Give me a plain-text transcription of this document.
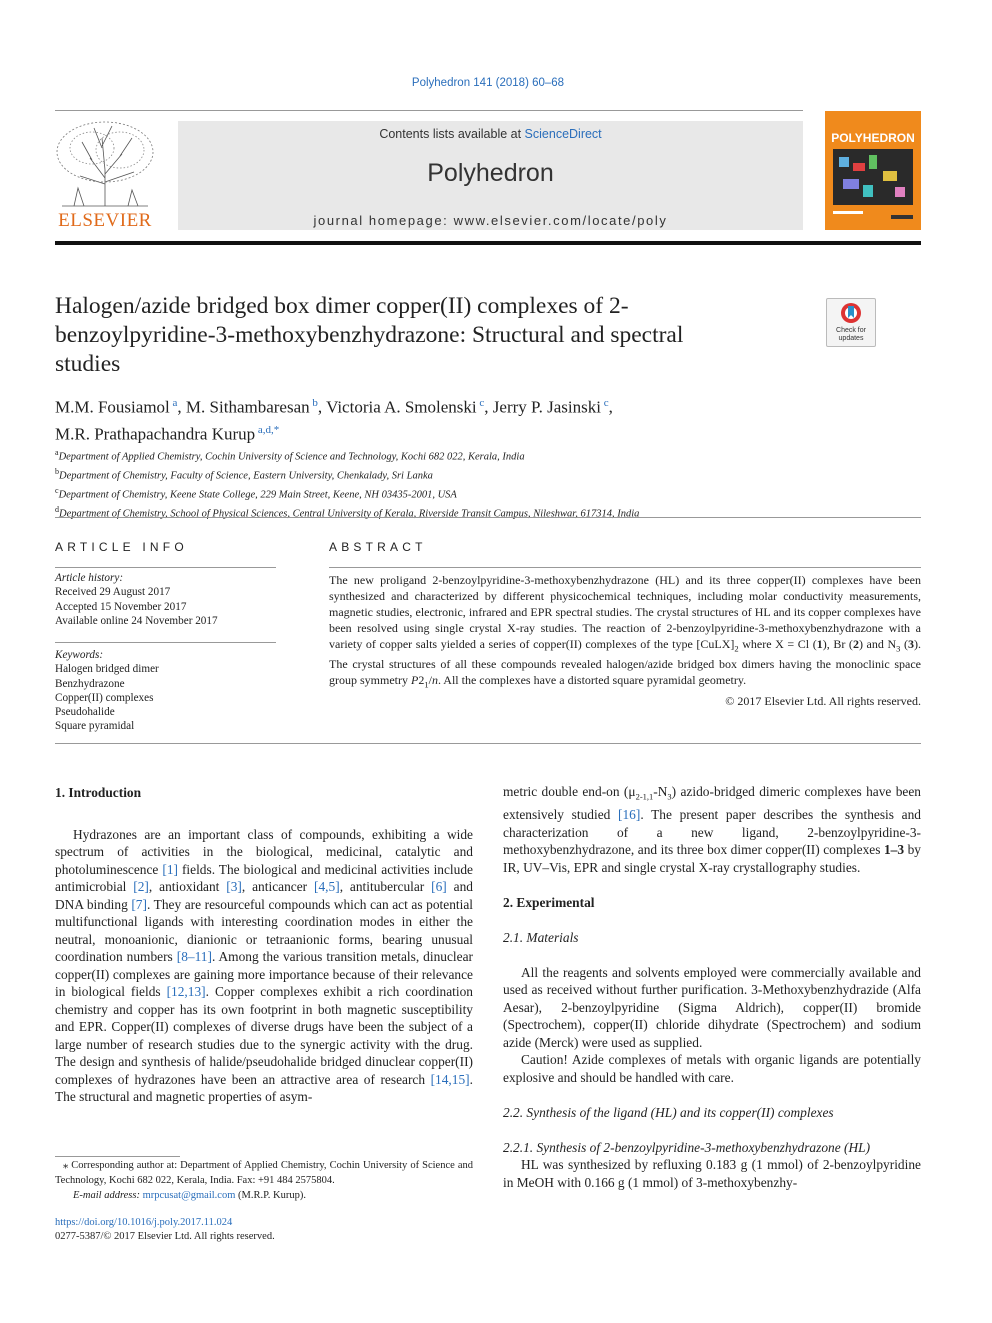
Polyhedron 141 (2018) 60–68
ELSEVIER
Contents lists available at ScienceDirect
Polyhedron
journal homepage: www.elsevier.com/locate/poly
POLYHEDRON
Halogen/azide bridged box dimer copper(II) complexes of 2-benzoylpyridine-3-methoxybenzhydrazone: Structural and spectral studies
Check for updates
M.M. Fousiamol $^a$, M. Sithambaresan $^b$, Victoria A. Smolenski $^c$, Jerry P. Jasinski $^c$,
M.R. Prathapachandra Kurup $^{a,d,*}$
$^a$Department of Applied Chemistry, Cochin University of Science and Technology, Kochi 682 022, Kerala, India
$^b$Department of Chemistry, Faculty of Science, Eastern University, Chenkalady, Sri Lanka
$^c$Department of Chemistry, Keene State College, 229 Main Street, Keene, NH 03435-2001, USA
$^d$Department of Chemistry, School of Physical Sciences, Central University of Kerala, Riverside Transit Campus, Nileshwar, 617314, India
ARTICLE INFO	ABSTRACT
Article history:
Received 29 August 2017
Accepted 15 November 2017
Available online 24 November 2017
Keywords:
Halogen bridged dimer
Benzhydrazone
Copper(II) complexes
Pseudohalide
Square pyramidal
The new proligand 2-benzoylpyridine-3-methoxybenzhydrazone (HL) and its three copper(II) complexes have been synthesized and characterized by different physicochemical techniques, including molar conductivity measurements, magnetic studies, electronic, infrared and EPR spectral studies. The crystal structures of HL and its copper complexes have been resolved using single crystal X-ray studies. The reaction of 2-benzoylpyridine-3-methoxybenzhydrazone with a variety of copper salts yielded a series of copper(II) complexes of the type $[CuLX]_2$ where X = Cl (1), Br (2) and $N_3$ (3). The crystal structures of all these compounds revealed halogen/azide bridged box dimers having the monoclinic space group symmetry $P2_1/n$. All the complexes have a distorted square pyramidal geometry.
© 2017 Elsevier Ltd. All rights reserved.
1. Introduction

Hydrazones are an important class of compounds, exhibiting a wide spectrum of activities in the biological, medicinal, catalytic and photoluminescence [1] fields. The biological and medicinal activities include antimicrobial [2], antioxidant [3], anticancer [4,5], antitubercular [6] and DNA binding [7]. They are resourceful compounds which can act as potential multifunctional ligands with interesting coordination modes in either the neutral, monoanionic, dianionic or tetraanionic forms, bearing unusual coordination numbers [8–11]. Among the various transition metals, dinuclear copper(II) complexes are gaining more importance because of their relevance in biological fields [12,13]. Copper complexes exhibit a rich coordination chemistry and copper has its own footprint in both magnetic susceptibility and EPR. Copper(II) complexes of diverse drugs have been the subject of a large number of research studies due to the synergic activity with the drug. The design and synthesis of halide/pseudohalide bridged dinuclear copper(II) complexes of hydrazones have been an attractive area of research [14,15]. The structural and magnetic properties of asym-

metric double end-on $(\mu_{2-1,1}-N_3)$ azido-bridged dimeric complexes have been extensively studied [16]. The present paper describes the synthesis and characterization of a new ligand, 2-benzoylpyridine-3-methoxybenzhydrazone, and its three box dimer copper(II) complexes 1–3 by IR, UV–Vis, EPR and single crystal X-ray crystallography studies.

2. Experimental
2.1. Materials

All the reagents and solvents employed were commercially available and used as received without further purification. 3-Methoxybenzhydrazide (Alfa Aesar), 2-benzoylpyridine (Sigma Aldrich), copper(II) bromide (Spectrochem), copper(II) chloride dihydrate (Spectrochem) and sodium azide (Merck) were used as supplied.

Caution! Azide complexes of metals with organic ligands are potentially explosive and should be handled with care.

2.2. Synthesis of the ligand (HL) and its copper(II) complexes
2.2.1. Synthesis of 2-benzoylpyridine-3-methoxybenzhydrazone (HL)

HL was synthesized by refluxing 0.183 g (1 mmol) of 2-benzoylpyridine in MeOH with 0.166 g (1 mmol) of 3-methoxybenzhy-

⁎ Corresponding author at: Department of Applied Chemistry, Cochin University of Science and Technology, Kochi 682 022, Kerala, India. Fax: +91 484 2575804.
E-mail address: mrpcusat@gmail.com (M.R.P. Kurup).
https://doi.org/10.1016/j.poly.2017.11.024
0277-5387/© 2017 Elsevier Ltd. All rights reserved.
